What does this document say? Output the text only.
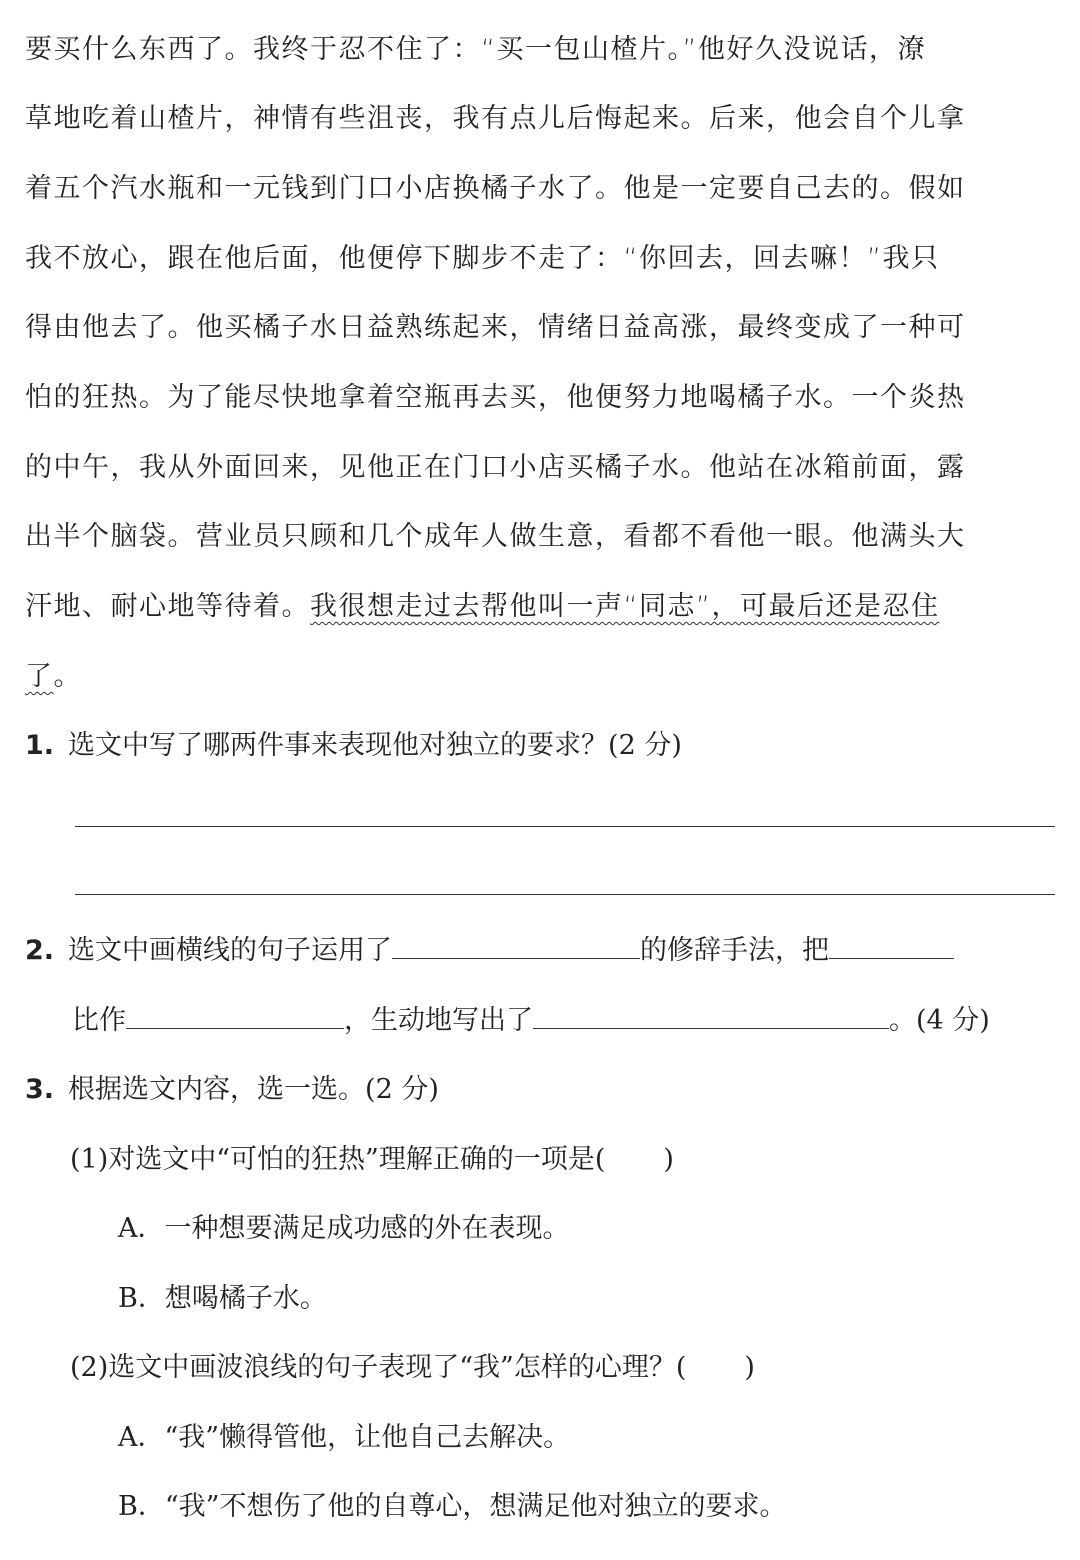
要买什么东西了。我终于忍不住了：“买一包山楂片。”他好久没说话，潦
草地吃着山楂片，神情有些沮丧，我有点儿后悔起来。后来，他会自个儿拿
着五个汽水瓶和一元钱到门口小店换橘子水了。他是一定要自己去的。假如
我不放心，跟在他后面，他便停下脚步不走了：“你回去，回去嘛！”我只
得由他去了。他买橘子水日益熟练起来，情绪日益高涨，最终变成了一种可
怕的狂热。为了能尽快地拿着空瓶再去买，他便努力地喝橘子水。一个炎热
的中午，我从外面回来，见他正在门口小店买橘子水。他站在冰箱前面，露
出半个脑袋。营业员只顾和几个成年人做生意，看都不看他一眼。他满头大
汗地、耐心地等待着。我很想走过去帮他叫一声“同志”，可最后还是忍住
了。
1. 选文中写了哪两件事来表现他对独立的要求？(2 分)
2. 选文中画横线的句子运用了	的修辞手法，把
比作	，生动地写出了	。(4 分)
3. 根据选文内容，选一选。(2 分)
(1)对选文中“可怕的狂热”理解正确的一项是( )
A．一种想要满足成功感的外在表现。
B．想喝橘子水。
(2)选文中画波浪线的句子表现了“我”怎样的心理？( )
A．“我”懒得管他，让他自己去解决。
B．“我”不想伤了他的自尊心，想满足他对独立的要求。
